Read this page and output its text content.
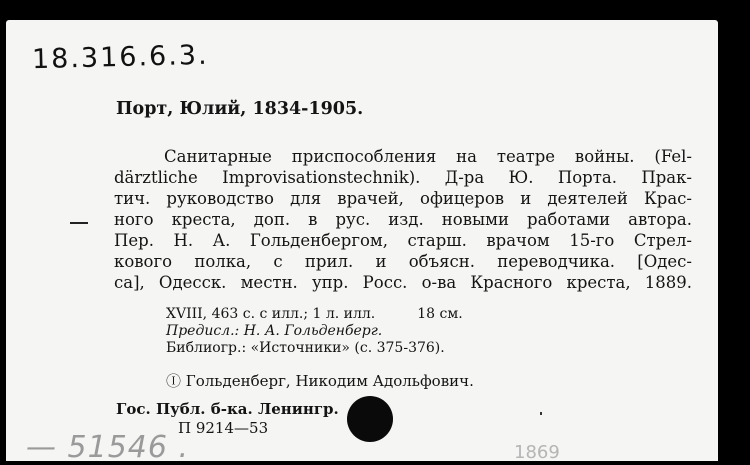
18.316.6.3.
Порт, Юлий, 1834-1905.
Санитарные приспособления на театре войны. (Fel-
därztliche Improvisationstechnik). Д-ра Ю. Порта. Прак-
тич. руководство для врачей, офицеров и деятелей Крас-
ного креста, доп. в рус. изд. новыми работами автора.
Пер. Н. А. Гольденбергом, старш. врачом 15-го Стрел-
кового полка, с прил. и объясн. переводчика. [Одес-
са], Одесск. местн. упр. Росс. о-ва Красного креста, 1889.
XVIII, 463 с. с илл.; 1 л. илл.	18 см.
Предисл.: Н. А. Гольденберг.
Библиогр.: «Источники» (с. 375-376).
Ⓘ Гольденберг, Никодим Адольфович.
Гос. Публ. б-ка. Ленингр.
П 9214—53
— 51546 .	1869
